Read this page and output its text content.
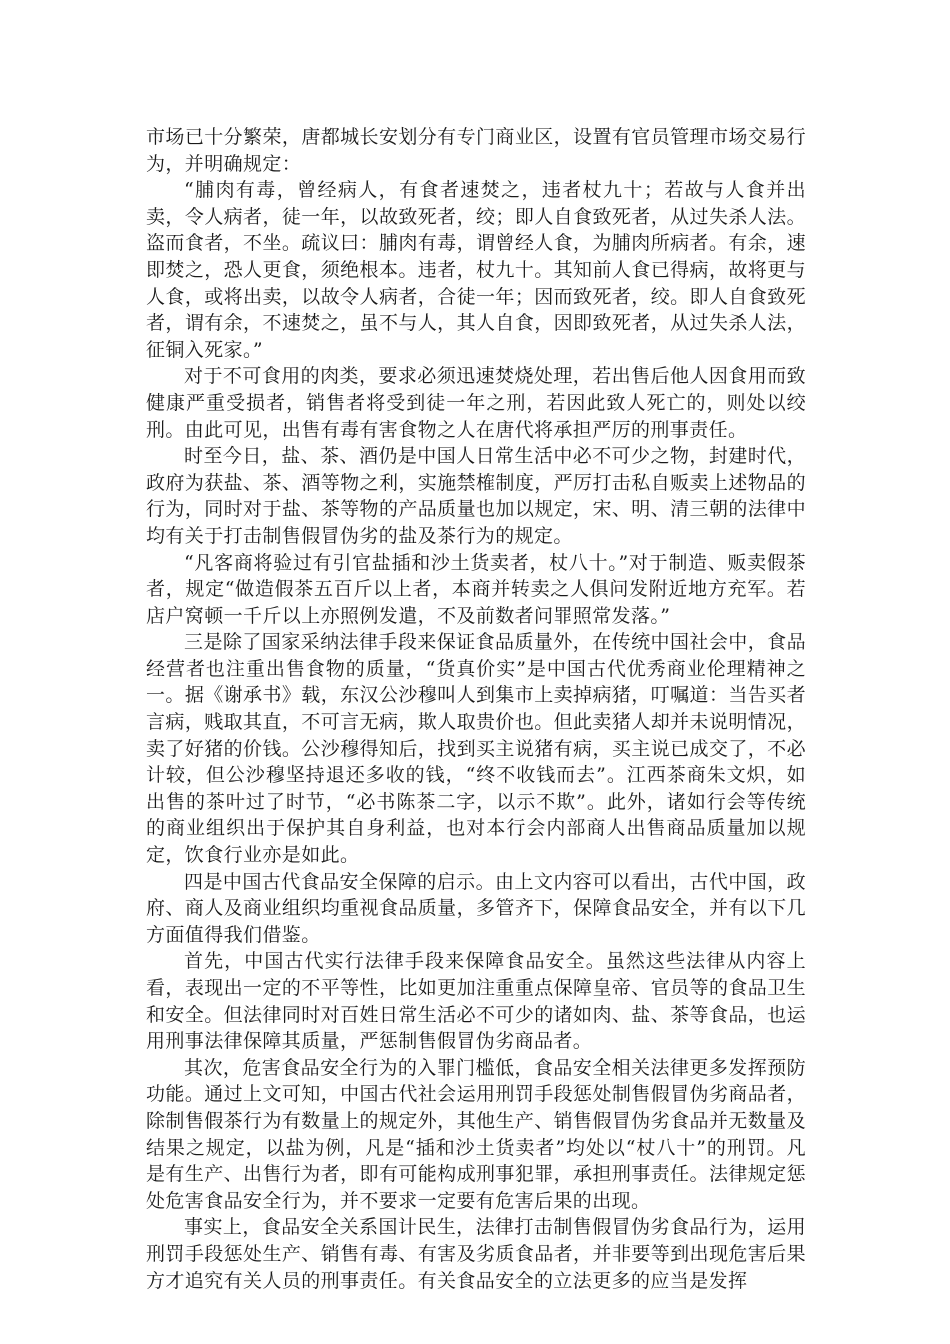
市场已十分繁荣，唐都城长安划分有专门商业区，设置有官员管理市场交易行为，并明确规定：

“脯肉有毒，曾经病人，有食者速焚之，违者杖九十；若故与人食并出卖，令人病者，徒一年，以故致死者，绞；即人自食致死者，从过失杀人法。盗而食者，不坐。疏议曰：脯肉有毒，谓曾经人食，为脯肉所病者。有余，速即焚之，恐人更食，须绝根本。违者，杖九十。其知前人食已得病，故将更与人食，或将出卖，以故令人病者，合徒一年；因而致死者，绞。即人自食致死者，谓有余，不速焚之，虽不与人，其人自食，因即致死者，从过失杀人法，征铜入死家。”

对于不可食用的肉类，要求必须迅速焚烧处理，若出售后他人因食用而致健康严重受损者，销售者将受到徒一年之刑，若因此致人死亡的，则处以绞刑。由此可见，出售有毒有害食物之人在唐代将承担严厉的刑事责任。

时至今日，盐、茶、酒仍是中国人日常生活中必不可少之物，封建时代，政府为获盐、茶、酒等物之利，实施禁榷制度，严厉打击私自贩卖上述物品的行为，同时对于盐、茶等物的产品质量也加以规定，宋、明、清三朝的法律中均有关于打击制售假冒伪劣的盐及茶行为的规定。

“凡客商将验过有引官盐插和沙土货卖者，杖八十。”对于制造、贩卖假茶者，规定“做造假茶五百斤以上者，本商并转卖之人俱问发附近地方充军。若店户窝顿一千斤以上亦照例发遣，不及前数者问罪照常发落。”

三是除了国家采纳法律手段来保证食品质量外，在传统中国社会中，食品经营者也注重出售食物的质量，“货真价实”是中国古代优秀商业伦理精神之一。据《谢承书》载，东汉公沙穆叫人到集市上卖掉病猪，叮嘱道：当告买者言病，贱取其直，不可言无病，欺人取贵价也。但此卖猪人却并未说明情况，卖了好猪的价钱。公沙穆得知后，找到买主说猪有病，买主说已成交了，不必计较，但公沙穆坚持退还多收的钱，“终不收钱而去”。江西茶商朱文炽，如出售的茶叶过了时节，“必书陈茶二字，以示不欺”。此外，诸如行会等传统的商业组织出于保护其自身利益，也对本行会内部商人出售商品质量加以规定，饮食行业亦是如此。

四是中国古代食品安全保障的启示。由上文内容可以看出，古代中国，政府、商人及商业组织均重视食品质量，多管齐下，保障食品安全，并有以下几方面值得我们借鉴。

首先，中国古代实行法律手段来保障食品安全。虽然这些法律从内容上看，表现出一定的不平等性，比如更加注重重点保障皇帝、官员等的食品卫生和安全。但法律同时对百姓日常生活必不可少的诸如肉、盐、茶等食品，也运用刑事法律保障其质量，严惩制售假冒伪劣商品者。

其次，危害食品安全行为的入罪门槛低，食品安全相关法律更多发挥预防功能。通过上文可知，中国古代社会运用刑罚手段惩处制售假冒伪劣商品者，除制售假茶行为有数量上的规定外，其他生产、销售假冒伪劣食品并无数量及结果之规定，以盐为例，凡是“插和沙土货卖者”均处以“杖八十”的刑罚。凡是有生产、出售行为者，即有可能构成刑事犯罪，承担刑事责任。法律规定惩处危害食品安全行为，并不要求一定要有危害后果的出现。

事实上，食品安全关系国计民生，法律打击制售假冒伪劣食品行为，运用刑罚手段惩处生产、销售有毒、有害及劣质食品者，并非要等到出现危害后果方才追究有关人员的刑事责任。有关食品安全的立法更多的应当是发挥
